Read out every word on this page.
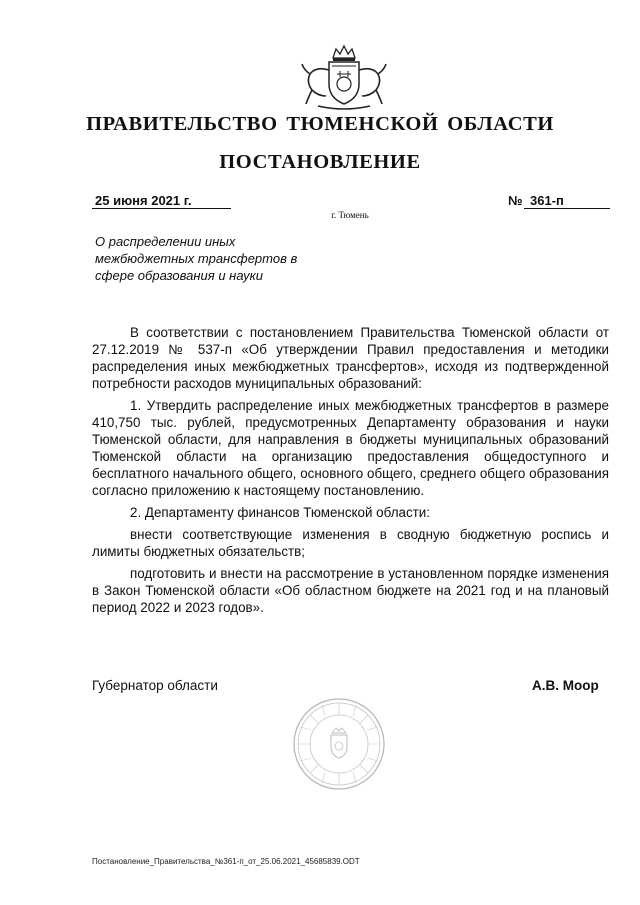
ПРАВИТЕЛЬСТВО ТЮМЕНСКОЙ ОБЛАСТИ
ПОСТАНОВЛЕНИЕ
25 июня 2021 г.	№ 361-п
г. Тюмень
О распределении иных межбюджетных трансфертов в сфере образования и науки

В соответствии с постановлением Правительства Тюменской области от 27.12.2019 № 537-п «Об утверждении Правил предоставления и методики распределения иных межбюджетных трансфертов», исходя из подтвержденной потребности расходов муниципальных образований:

1. Утвердить распределение иных межбюджетных трансфертов в размере 410,750 тыс. рублей, предусмотренных Департаменту образования и науки Тюменской области, для направления в бюджеты муниципальных образований Тюменской области на организацию предоставления общедоступного и бесплатного начального общего, основного общего, среднего общего образования согласно приложению к настоящему постановлению.

2. Департаменту финансов Тюменской области:

внести соответствующие изменения в сводную бюджетную роспись и лимиты бюджетных обязательств;

подготовить и внести на рассмотрение в установленном порядке изменения в Закон Тюменской области «Об областном бюджете на 2021 год и на плановый период 2022 и 2023 годов».

Губернатор области	А.В. Моор
Постановление_Правительства_№361-п_от_25.06.2021_45685839.ODT
